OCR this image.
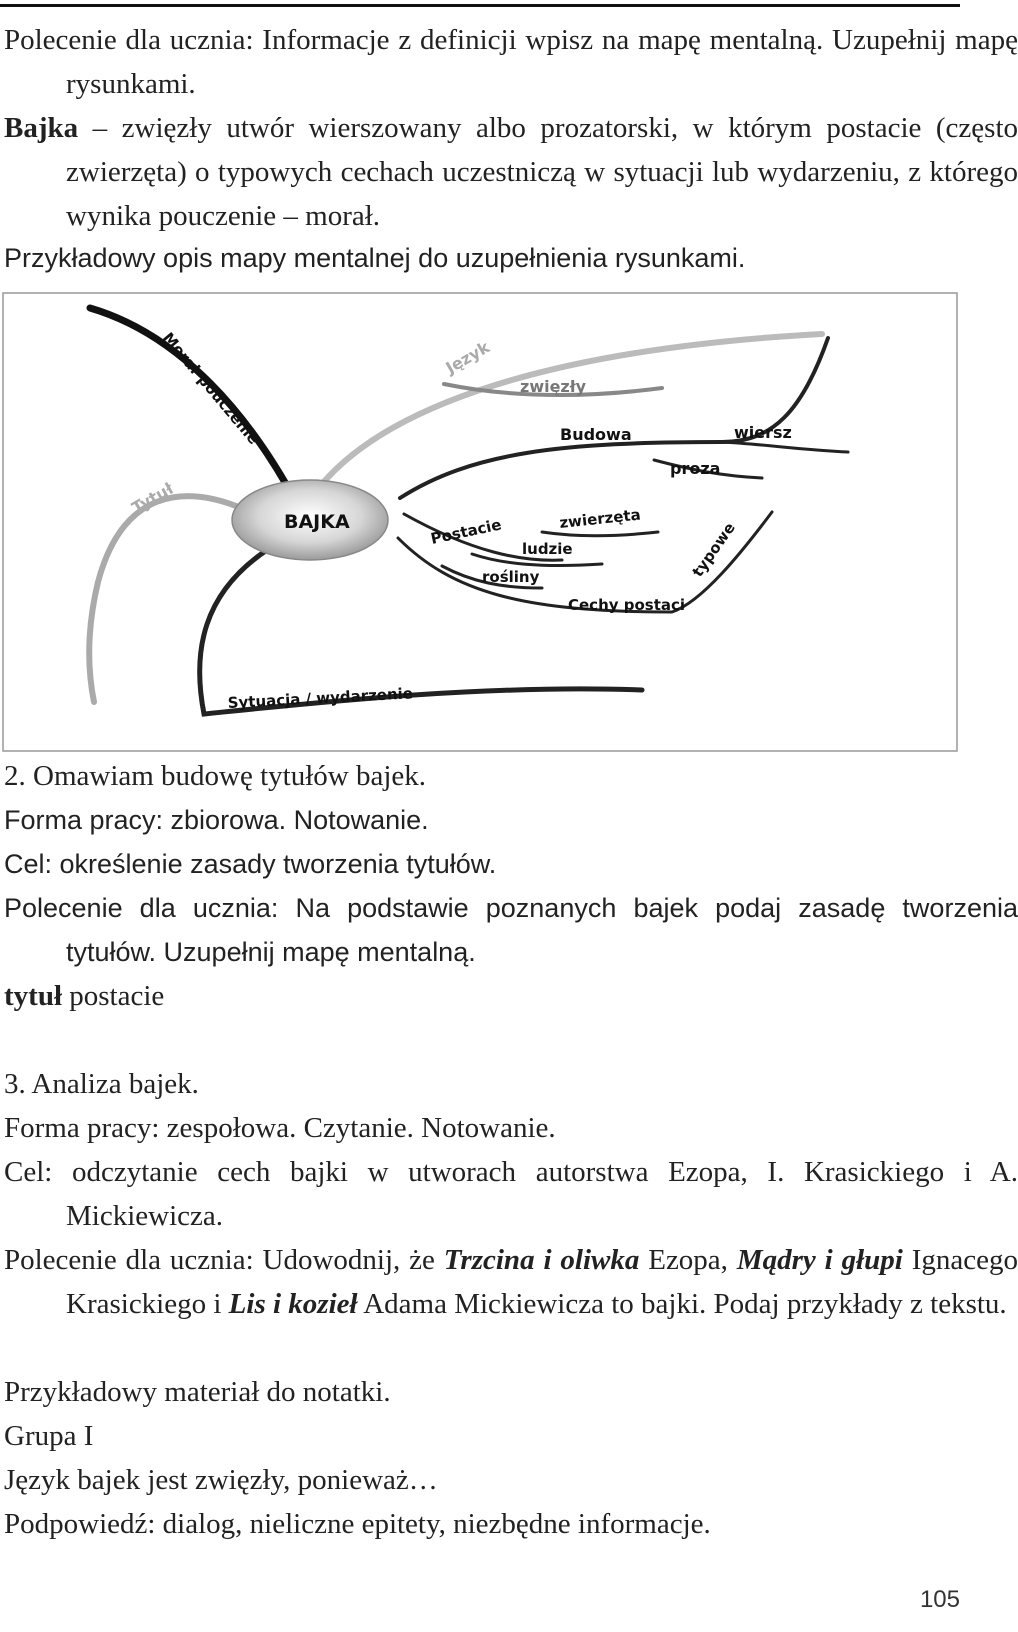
Polecenie dla ucznia: Informacje z definicji wpisz na mapę mentalną. Uzupełnij mapę rysunkami.
Bajka – zwięzły utwór wierszowany albo prozatorski, w którym postacie (często zwierzęta) o typowych cechach uczestniczą w sytuacji lub wydarzeniu, z którego wynika pouczenie – morał.
Przykładowy opis mapy mentalnej do uzupełnienia rysunkami.
BAJKA
Morał-pouczenie	Język
zwięzły
Budowa	wiersz
proza
Tytuł
Postacie	zwierzęta
ludzie
rośliny
Cechy postaci
typowe
Sytuacja / wydarzenie
2. Omawiam budowę tytułów bajek.
Forma pracy: zbiorowa. Notowanie.
Cel: określenie zasady tworzenia tytułów.
Polecenie dla ucznia: Na podstawie poznanych bajek podaj zasadę tworzenia tytułów. Uzupełnij mapę mentalną.
tytuł postacie
3. Analiza bajek.
Forma pracy: zespołowa. Czytanie. Notowanie.
Cel: odczytanie cech bajki w utworach autorstwa Ezopa, I. Krasickiego i A. Mickiewicza.
Polecenie dla ucznia: Udowodnij, że Trzcina i oliwka Ezopa, Mądry i głupi Ignacego Krasickiego i Lis i kozieł Adama Mickiewicza to bajki. Podaj przykłady z tekstu.
Przykładowy materiał do notatki.
Grupa I
Język bajek jest zwięzły, ponieważ…
Podpowiedź: dialog, nieliczne epitety, niezbędne informacje.
105
